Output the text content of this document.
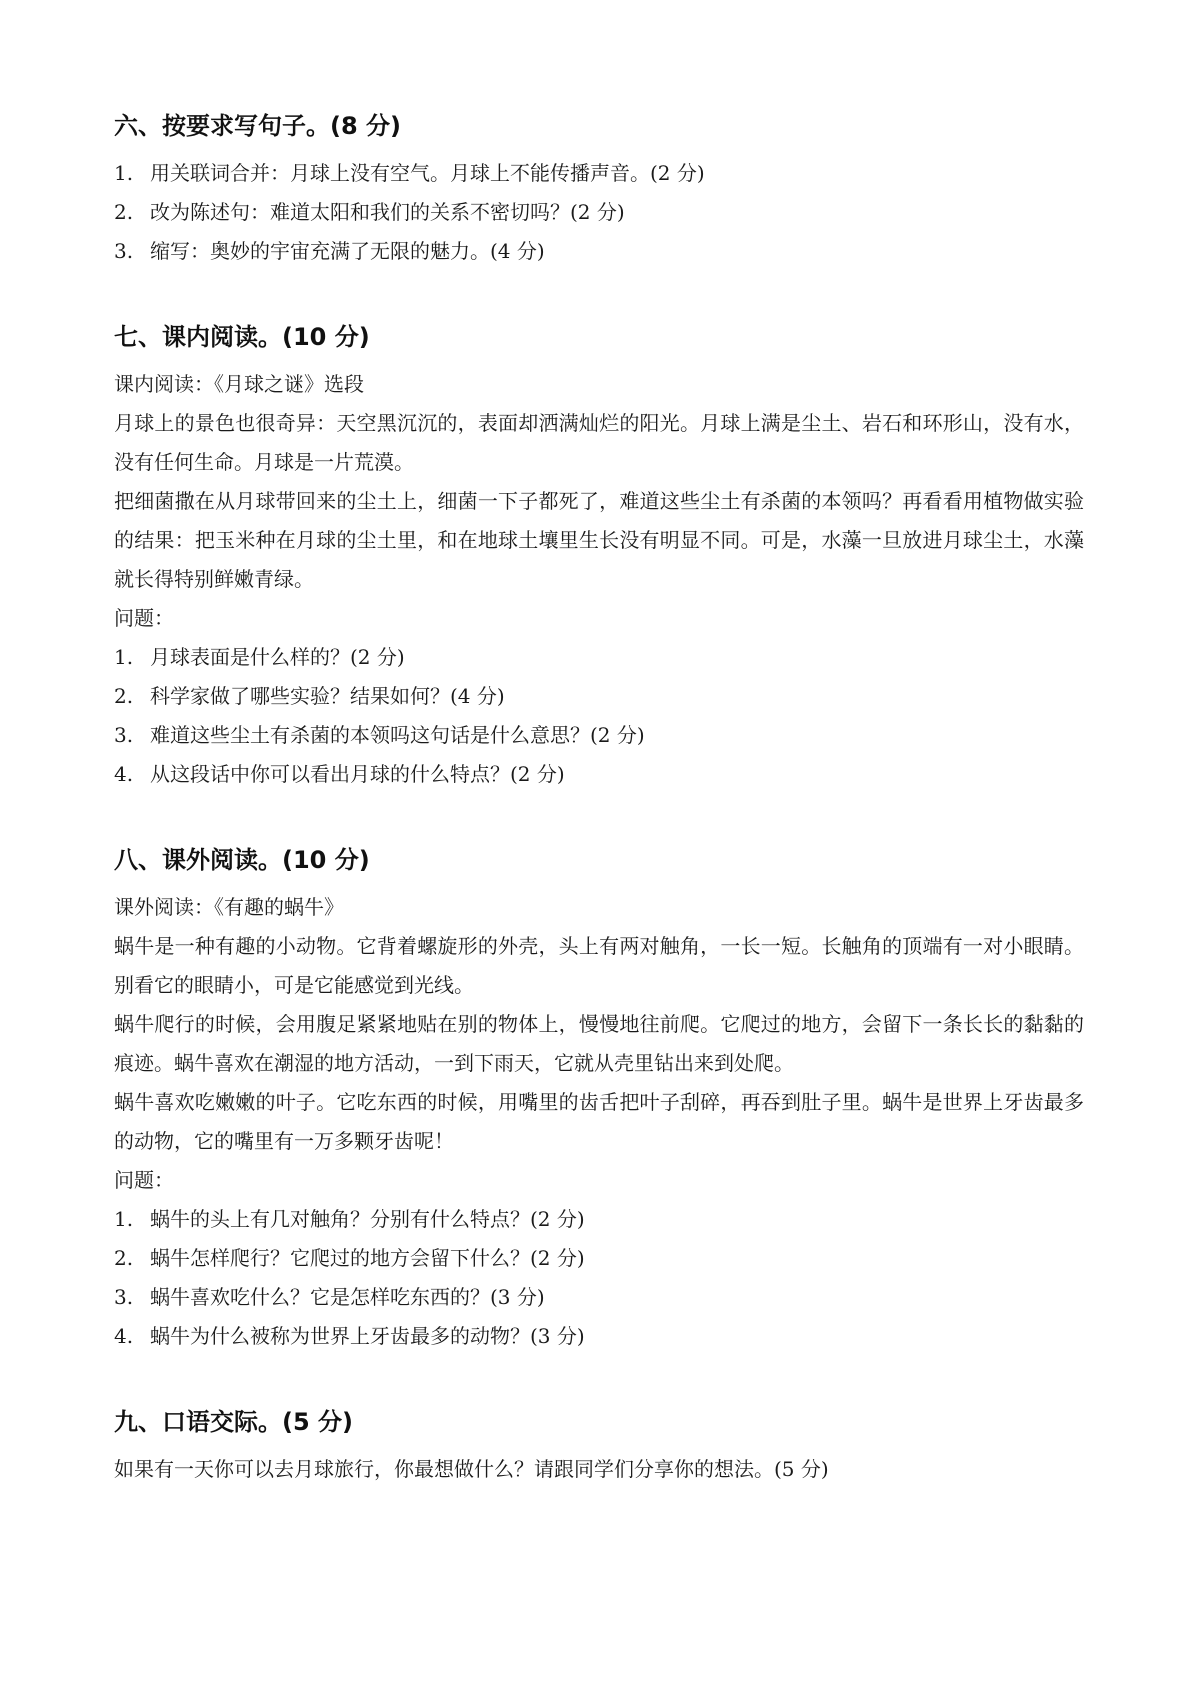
六、按要求写句子。(8 分)

1. 用关联词合并：月球上没有空气。月球上不能传播声音。(2 分)

2. 改为陈述句：难道太阳和我们的关系不密切吗？(2 分)

3. 缩写：奥妙的宇宙充满了无限的魅力。(4 分)

七、课内阅读。(10 分)

课内阅读：《月球之谜》选段

月球上的景色也很奇异：天空黑沉沉的，表面却洒满灿烂的阳光。月球上满是尘土、岩石和环形山，没有水，没有任何生命。月球是一片荒漠。

把细菌撒在从月球带回来的尘土上，细菌一下子都死了，难道这些尘土有杀菌的本领吗？再看看用植物做实验的结果：把玉米种在月球的尘土里，和在地球土壤里生长没有明显不同。可是，水藻一旦放进月球尘土，水藻就长得特别鲜嫩青绿。

问题：

1. 月球表面是什么样的？(2 分)

2. 科学家做了哪些实验？结果如何？(4 分)

3. 难道这些尘土有杀菌的本领吗这句话是什么意思？(2 分)

4. 从这段话中你可以看出月球的什么特点？(2 分)

八、课外阅读。(10 分)

课外阅读：《有趣的蜗牛》

蜗牛是一种有趣的小动物。它背着螺旋形的外壳，头上有两对触角，一长一短。长触角的顶端有一对小眼睛。别看它的眼睛小，可是它能感觉到光线。

蜗牛爬行的时候，会用腹足紧紧地贴在别的物体上，慢慢地往前爬。它爬过的地方，会留下一条长长的黏黏的痕迹。蜗牛喜欢在潮湿的地方活动，一到下雨天，它就从壳里钻出来到处爬。

蜗牛喜欢吃嫩嫩的叶子。它吃东西的时候，用嘴里的齿舌把叶子刮碎，再吞到肚子里。蜗牛是世界上牙齿最多的动物，它的嘴里有一万多颗牙齿呢！

问题：

1. 蜗牛的头上有几对触角？分别有什么特点？(2 分)

2. 蜗牛怎样爬行？它爬过的地方会留下什么？(2 分)

3. 蜗牛喜欢吃什么？它是怎样吃东西的？(3 分)

4. 蜗牛为什么被称为世界上牙齿最多的动物？(3 分)

九、口语交际。(5 分)

如果有一天你可以去月球旅行，你最想做什么？请跟同学们分享你的想法。(5 分)
